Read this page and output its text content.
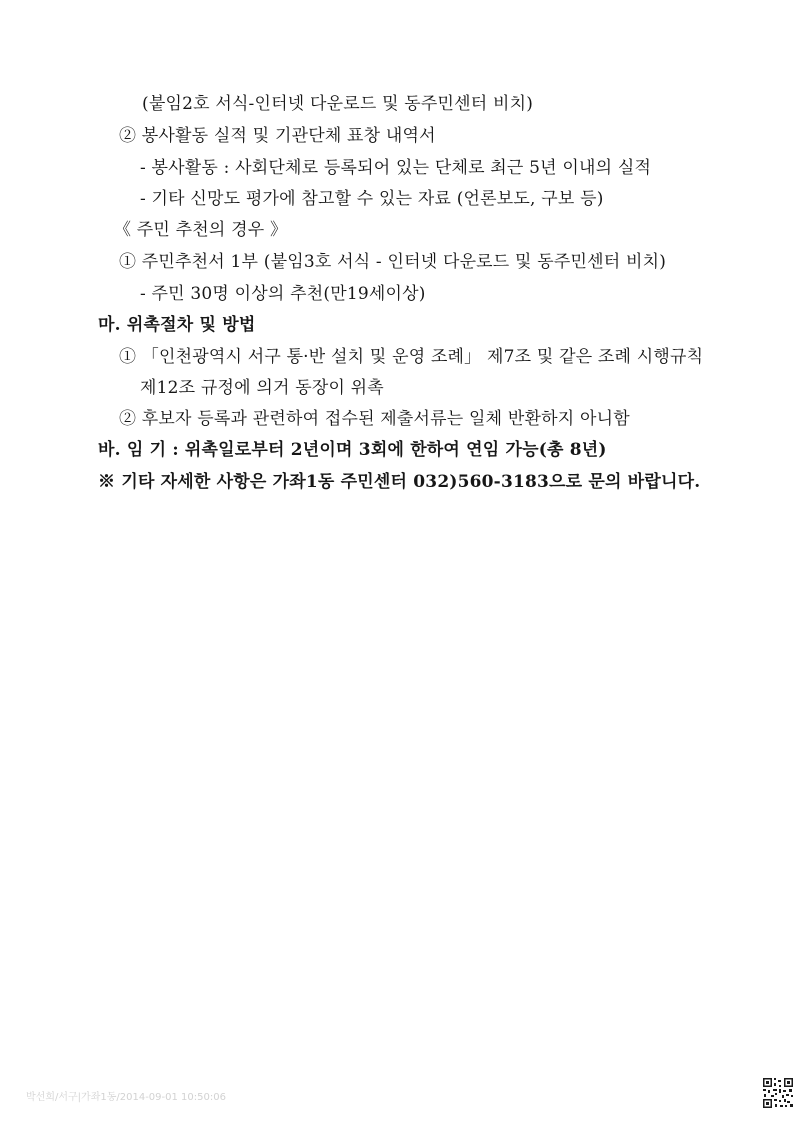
(붙임2호 서식-인터넷 다운로드 및 동주민센터 비치)
② 봉사활동 실적 및 기관단체 표창 내역서
- 봉사활동 : 사회단체로 등록되어 있는 단체로 최근 5년 이내의 실적
- 기타 신망도 평가에 참고할 수 있는 자료 (언론보도, 구보 등)
《 주민 추천의 경우 》
① 주민추천서 1부 (붙임3호 서식 - 인터넷 다운로드 및 동주민센터 비치)
- 주민 30명 이상의 추천(만19세이상)
마. 위촉절차 및 방법
① 「인천광역시 서구 통·반 설치 및 운영 조례」 제7조 및 같은 조례 시행규칙
제12조 규정에 의거 동장이 위촉
② 후보자 등록과 관련하여 접수된 제출서류는 일체 반환하지 아니함
바. 임 기 : 위촉일로부터 2년이며 3회에 한하여 연임 가능(총 8년)
※ 기타 자세한 사항은 가좌1동 주민센터 032)560-3183으로 문의 바랍니다.
박선희/서구|가좌1동/2014-09-01 10:50:06
